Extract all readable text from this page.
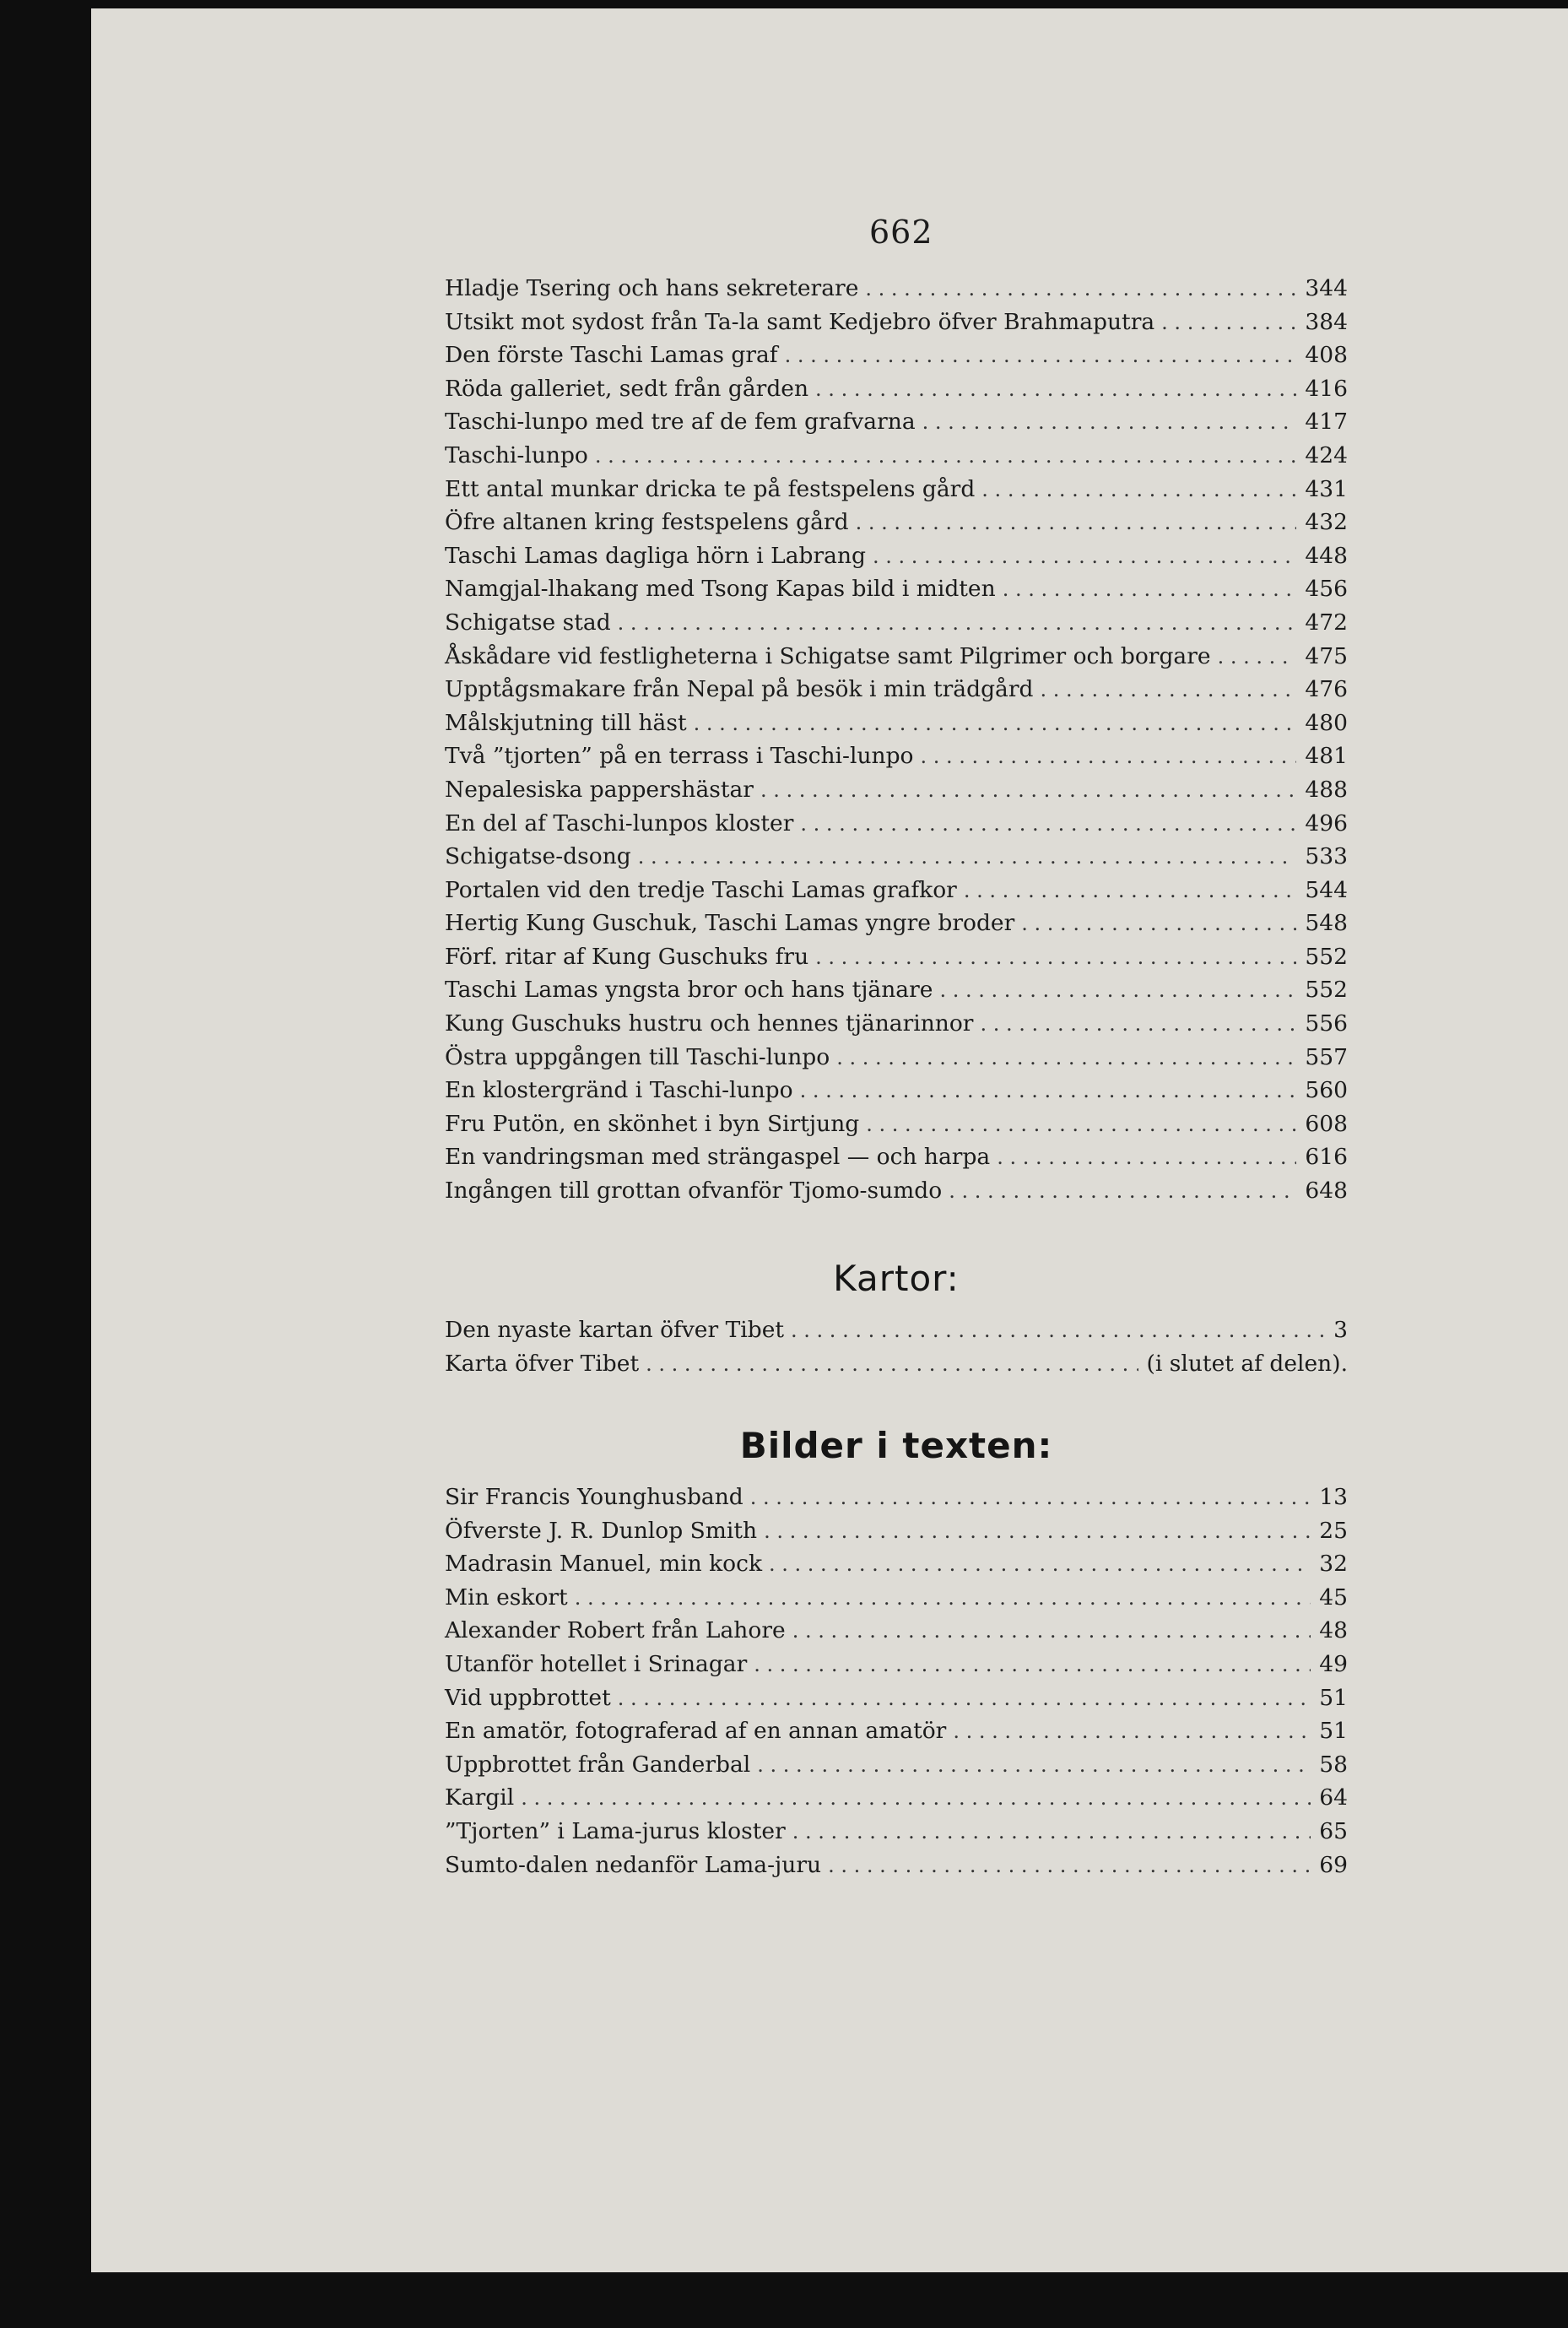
662
Hladje Tsering och hans sekreterare . . .	344
Utsikt mot sydost från Ta-la samt Kedjebro öfver Brahmaputra . . .	384
Den förste Taschi Lamas graf . . .	408
Röda galleriet, sedt från gården . . .	416
Taschi-lunpo med tre af de fem grafvarna . . .	417
Taschi-lunpo . . .	424
Ett antal munkar dricka te på festspelens gård . . .	431
Öfre altanen kring festspelens gård . . .	432
Taschi Lamas dagliga hörn i Labrang . . .	448
Namgjal-lhakang med Tsong Kapas bild i midten . . .	456
Schigatse stad . . .	472
Åskådare vid festligheterna i Schigatse samt Pilgrimer och borgare . . .	475
Upptågsmakare från Nepal på besök i min trädgård . . .	476
Målskjutning till häst . . .	480
Två ”tjorten” på en terrass i Taschi-lunpo . . .	481
Nepalesiska pappershästar . . .	488
En del af Taschi-lunpos kloster . . .	496
Schigatse-dsong . . .	533
Portalen vid den tredje Taschi Lamas grafkor . . .	544
Hertig Kung Guschuk, Taschi Lamas yngre broder . . .	548
Förf. ritar af Kung Guschuks fru . . .	552
Taschi Lamas yngsta bror och hans tjänare . . .	552
Kung Guschuks hustru och hennes tjänarinnor . . .	556
Östra uppgången till Taschi-lunpo . . .	557
En klostergränd i Taschi-lunpo . . .	560
Fru Putön, en skönhet i byn Sirtjung . . .	608
En vandringsman med strängaspel — och harpa . . .	616
Ingången till grottan ofvanför Tjomo-sumdo . . .	648
Kartor:
Den nyaste kartan öfver Tibet . . .	3
Karta öfver Tibet . . .	(i slutet af delen).
Bilder i texten:
Sir Francis Younghusband . . .	13
Öfverste J. R. Dunlop Smith . . .	25
Madrasin Manuel, min kock . . .	32
Min eskort . . .	45
Alexander Robert från Lahore . . .	48
Utanför hotellet i Srinagar . . .	49
Vid uppbrottet . . .	51
En amatör, fotograferad af en annan amatör . . .	51
Uppbrottet från Ganderbal . . .	58
Kargil . . .	64
”Tjorten” i Lama-jurus kloster . . .	65
Sumto-dalen nedanför Lama-juru . . .	69
